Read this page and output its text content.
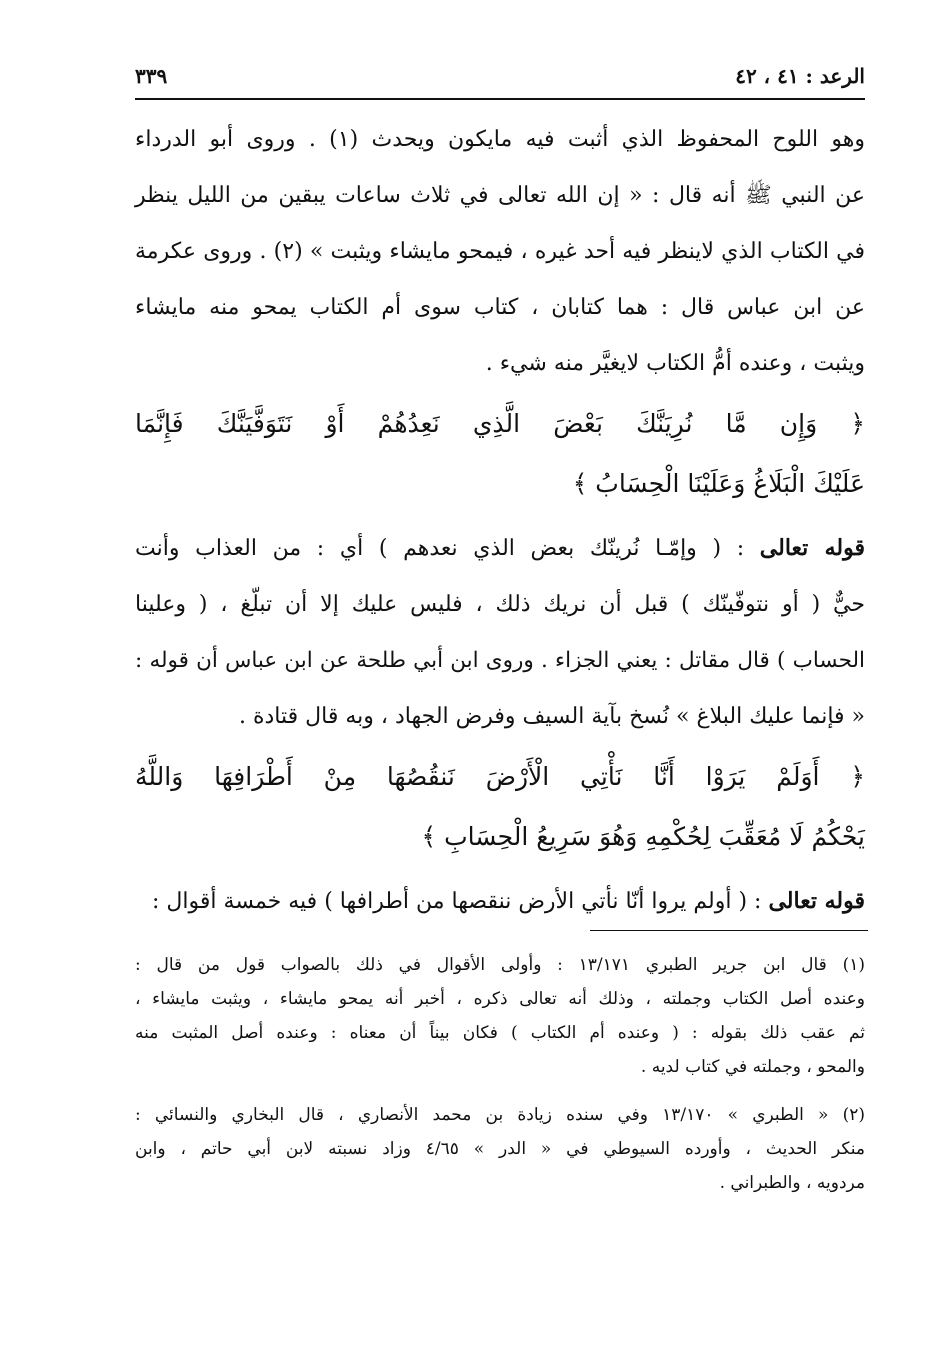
الرعد : ٤١ ، ٤٢
٣٣٩
وهو اللوح المحفوظ الذي أثبت فيه مايكون ويحدث (١) . وروى أبو الدرداء
عن النبي ﷺ أنه قال : « إن الله تعالى في ثلاث ساعات يبقين من الليل ينظر
في الكتاب الذي لاينظر فيه أحد غيره ، فيمحو مايشاء ويثبت » (٢) . وروى عكرمة
عن ابن عباس قال : هما كتابان ، كتاب سوى أم الكتاب يمحو منه مايشاء
ويثبت ، وعنده أمُّ الكتاب لايغيَّر منه شيء .
﴿ وَإِن مَّا نُرِيَنَّكَ بَعْضَ الَّذِي نَعِدُهُمْ أَوْ نَتَوَفَّيَنَّكَ فَإِنَّمَا
عَلَيْكَ الْبَلَاغُ وَعَلَيْنَا الْحِسَابُ ﴾
قوله تعالى : ( وإمّـا نُرينّك بعض الذي نعدهم ) أي : من العذاب وأنت
حيٌّ ( أو نتوفّينّك ) قبل أن نريك ذلك ، فليس عليك إلا أن تبلّغ ، ( وعلينا
الحساب ) قال مقاتل : يعني الجزاء . وروى ابن أبي طلحة عن ابن عباس أن قوله :
« فإنما عليك البلاغ » نُسخ بآية السيف وفرض الجهاد ، وبه قال قتادة .
﴿ أَوَلَمْ يَرَوْا أَنَّا نَأْتِي الْأَرْضَ نَنقُصُهَا مِنْ أَطْرَافِهَا وَاللَّهُ
يَحْكُمُ لَا مُعَقِّبَ لِحُكْمِهِ وَهُوَ سَرِيعُ الْحِسَابِ ﴾
قوله تعالى : ( أولم يروا أنّا نأتي الأرض ننقصها من أطرافها ) فيه خمسة أقوال :
(١) قال ابن جرير الطبري ١٣/١٧١ : وأولى الأقوال في ذلك بالصواب قول من قال :
وعنده أصل الكتاب وجملته ، وذلك أنه تعالى ذكره ، أخبر أنه يمحو مايشاء ، ويثبت مايشاء ،
ثم عقب ذلك بقوله : ( وعنده أم الكتاب ) فكان بيناً أن معناه : وعنده أصل المثبت منه
والمحو ، وجملته في كتاب لديه .
(٢) « الطبري » ١٣/١٧٠ وفي سنده زيادة بن محمد الأنصاري ، قال البخاري والنسائي :
منكر الحديث ، وأورده السيوطي في « الدر » ٤/٦٥ وزاد نسبته لابن أبي حاتم ، وابن
مردويه ، والطبراني .
